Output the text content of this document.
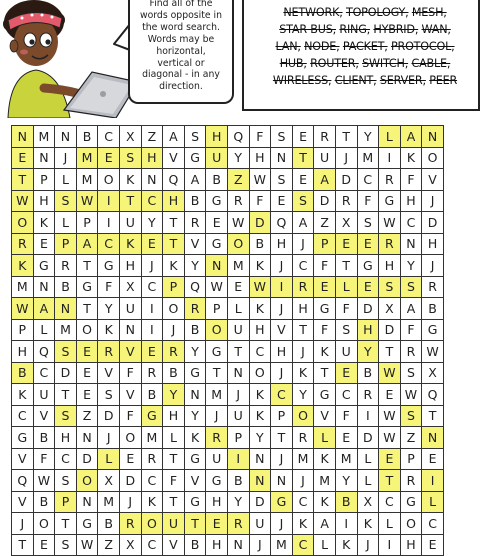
Find all of the
words opposite in
the word search.
Words may be
horizontal,
vertical or
diagonal - in any
direction.
NETWORK, TOPOLOGY, MESH,
STAR BUS, RING, HYBRID, WAN,
LAN, NODE, PACKET, PROTOCOL,
HUB, ROUTER, SWITCH, CABLE,
WIRELESS, CLIENT, SERVER, PEER
N	M	N	B	C	X	Z	A	S	H	Q	F	S	E	R	T	Y	L	A	N
E	N	J	M	E	S	H	V	G	U	Y	H	N	T	U	J	M	I	K	O
T	P	L	M	O	K	N	Q	A	B	Z	W	S	E	A	D	C	R	F	V
W	H	S	W	I	T	C	H	B	G	R	F	E	S	D	R	F	G	H	J
O	K	L	P	I	U	Y	T	R	E	W	D	Q	A	Z	X	S	W	C	D
R	E	P	A	C	K	E	T	V	G	O	B	H	J	P	E	E	R	N	H
K	G	R	T	G	H	J	K	Y	N	M	K	J	C	F	T	G	H	Y	J
M	N	B	G	F	X	C	P	Q	W	E	W	I	R	E	L	E	S	S	R
W	A	N	T	Y	U	I	O	R	P	L	K	J	H	G	F	D	X	A	B
P	L	M	O	K	N	I	J	B	O	U	H	V	T	F	S	H	D	F	G
H	Q	S	E	R	V	E	R	Y	G	T	C	H	J	K	U	Y	T	R	W
B	C	D	E	V	F	R	B	G	T	N	O	J	K	T	E	B	W	S	X
K	U	T	E	S	V	B	Y	N	M	J	K	C	Y	G	C	R	E	W	Q
C	V	S	Z	D	F	G	H	Y	J	U	K	P	O	V	F	I	W	S	T
G	B	H	N	J	O	M	L	K	R	P	Y	T	R	L	E	D	W	Z	N
V	F	C	D	L	E	R	T	G	U	I	N	J	M	K	M	L	E	P	E
Q	W	S	O	X	D	C	F	V	G	B	N	N	J	M	Y	L	T	R	I
V	B	P	N	M	J	K	T	G	H	Y	D	G	C	K	B	X	C	G	L
J	O	T	G	B	R	O	U	T	E	R	U	J	K	A	I	K	L	O	C
T	E	S	W	Z	X	C	V	B	H	N	J	M	C	L	K	J	I	H	E
